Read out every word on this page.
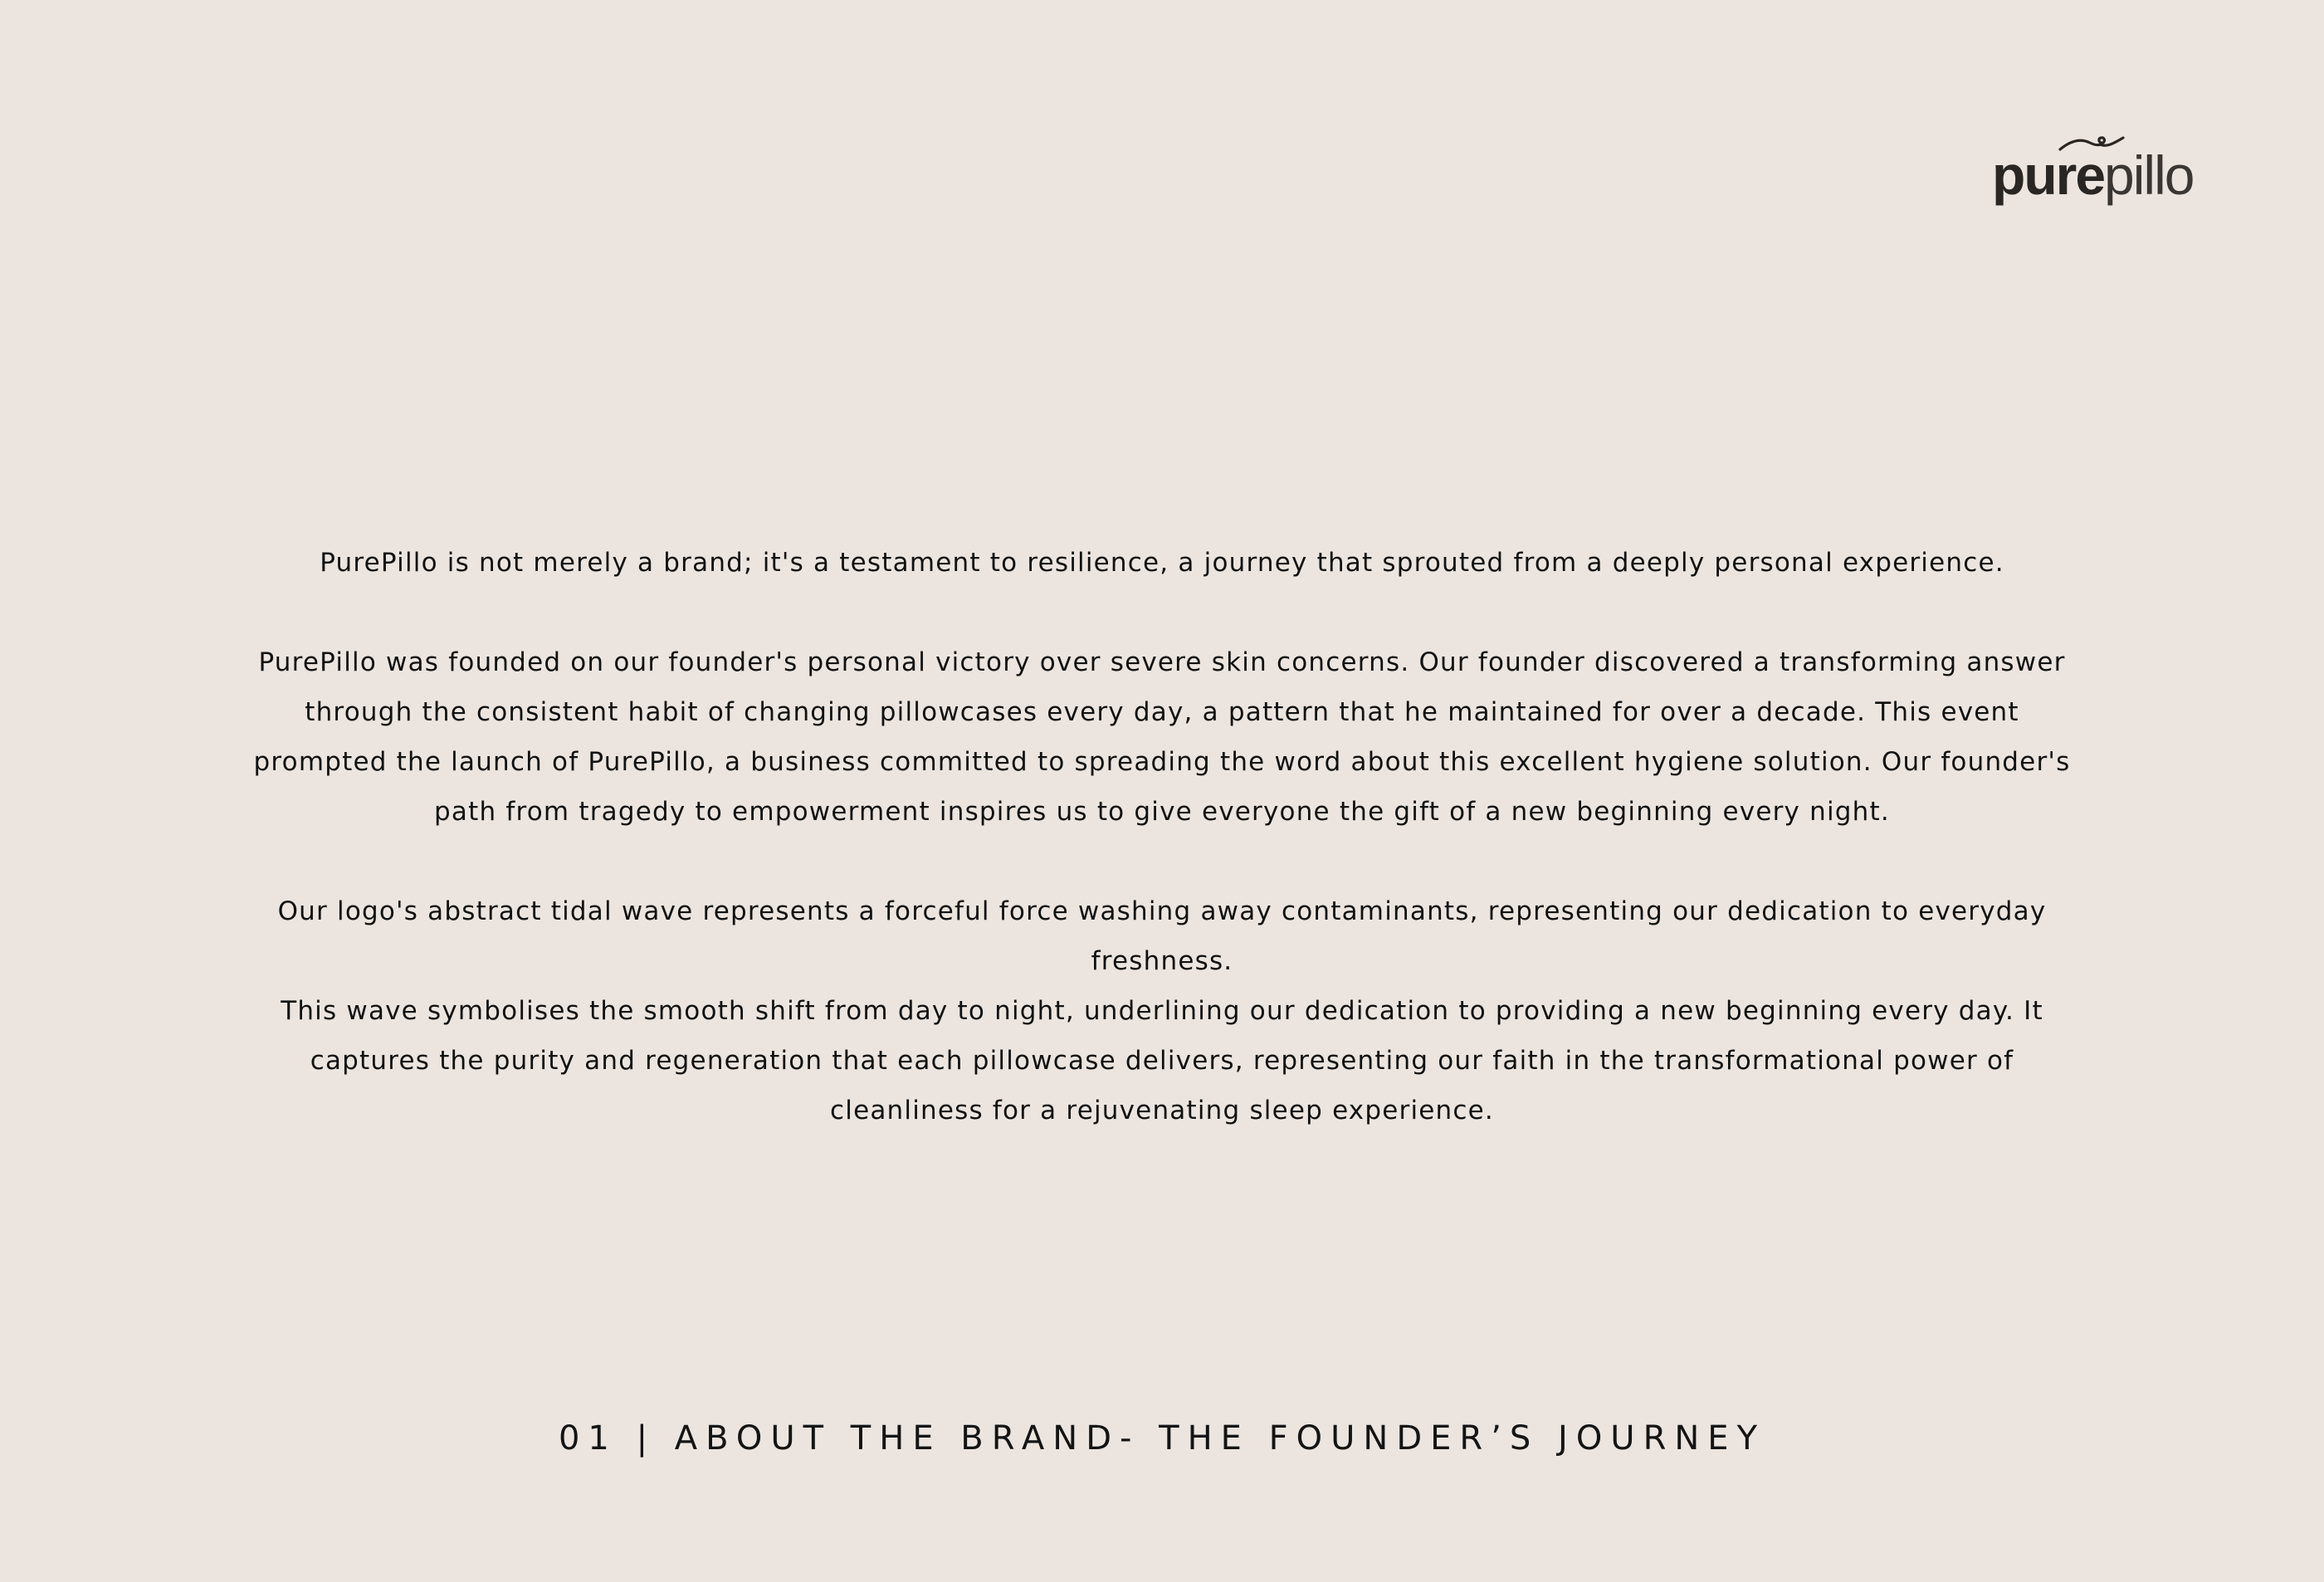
purepillo

PurePillo is not merely a brand; it's a testament to resilience, a journey that sprouted from a deeply personal experience.

PurePillo was founded on our founder's personal victory over severe skin concerns. Our founder discovered a transforming answer through the consistent habit of changing pillowcases every day, a pattern that he maintained for over a decade. This event prompted the launch of PurePillo, a business committed to spreading the word about this excellent hygiene solution. Our founder's path from tragedy to empowerment inspires us to give everyone the gift of a new beginning every night.

Our logo's abstract tidal wave represents a forceful force washing away contaminants, representing our dedication to everyday freshness.

This wave symbolises the smooth shift from day to night, underlining our dedication to providing a new beginning every day. It captures the purity and regeneration that each pillowcase delivers, representing our faith in the transformational power of cleanliness for a rejuvenating sleep experience.

01 | ABOUT THE BRAND- THE FOUNDER’S JOURNEY
